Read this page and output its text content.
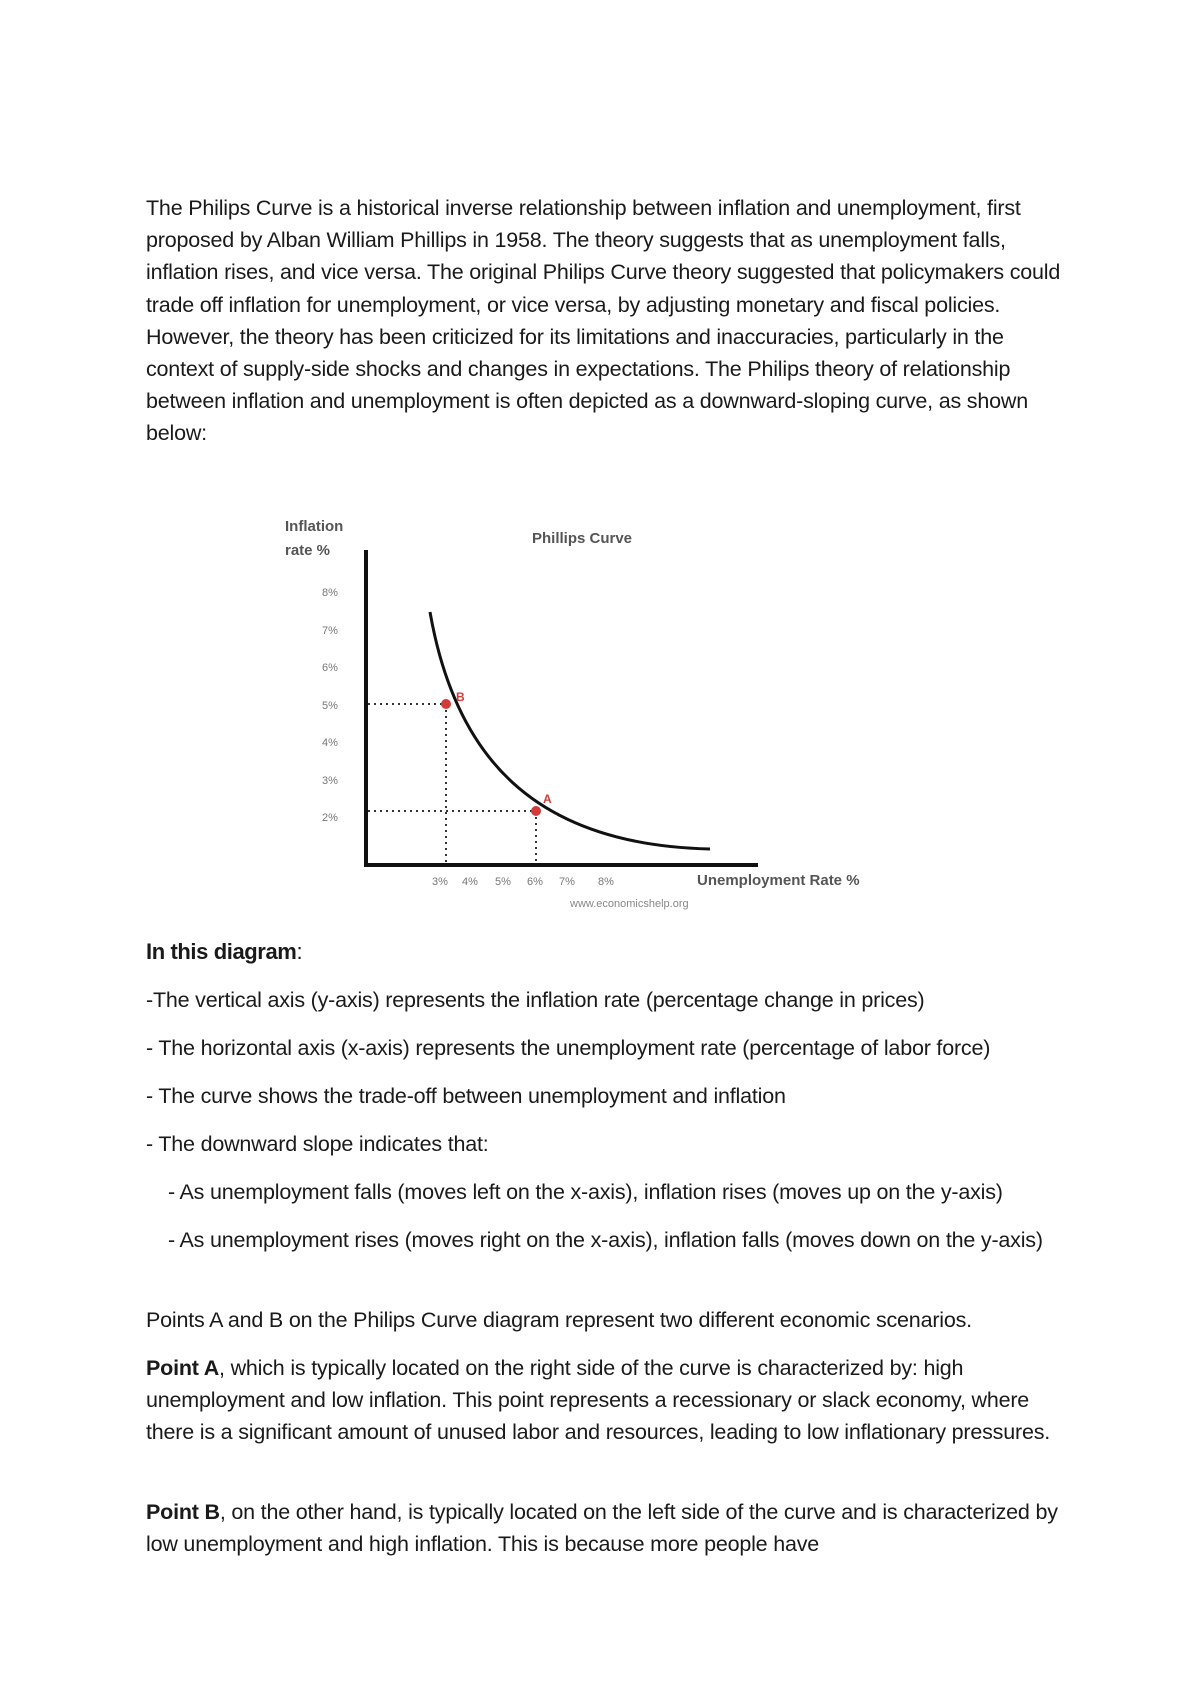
The Philips Curve is a historical inverse relationship between inflation and unemployment, first proposed by Alban William Phillips in 1958. The theory suggests that as unemployment falls, inflation rises, and vice versa. The original Philips Curve theory suggested that policymakers could trade off inflation for unemployment, or vice versa, by adjusting monetary and fiscal policies. However, the theory has been criticized for its limitations and inaccuracies, particularly in the context of supply-side shocks and changes in expectations. The Philips theory of relationship between inflation and unemployment is often depicted as a downward-sloping curve, as shown below:

Inflation
rate %
Phillips Curve
8%
7%
6%
5%
4%
3%
2%
B
A
3% 4% 5% 6% 7% 8%	Unemployment Rate %
www.economicshelp.org

In this diagram:

-The vertical axis (y-axis) represents the inflation rate (percentage change in prices)

- The horizontal axis (x-axis) represents the unemployment rate (percentage of labor force)

- The curve shows the trade-off between unemployment and inflation

- The downward slope indicates that:

- As unemployment falls (moves left on the x-axis), inflation rises (moves up on the y-axis)

- As unemployment rises (moves right on the x-axis), inflation falls (moves down on the y-axis)

Points A and B on the Philips Curve diagram represent two different economic scenarios.

Point A, which is typically located on the right side of the curve is characterized by: high unemployment and low inflation. This point represents a recessionary or slack economy, where there is a significant amount of unused labor and resources, leading to low inflationary pressures.

Point B, on the other hand, is typically located on the left side of the curve and is characterized by low unemployment and high inflation. This is because more people have
